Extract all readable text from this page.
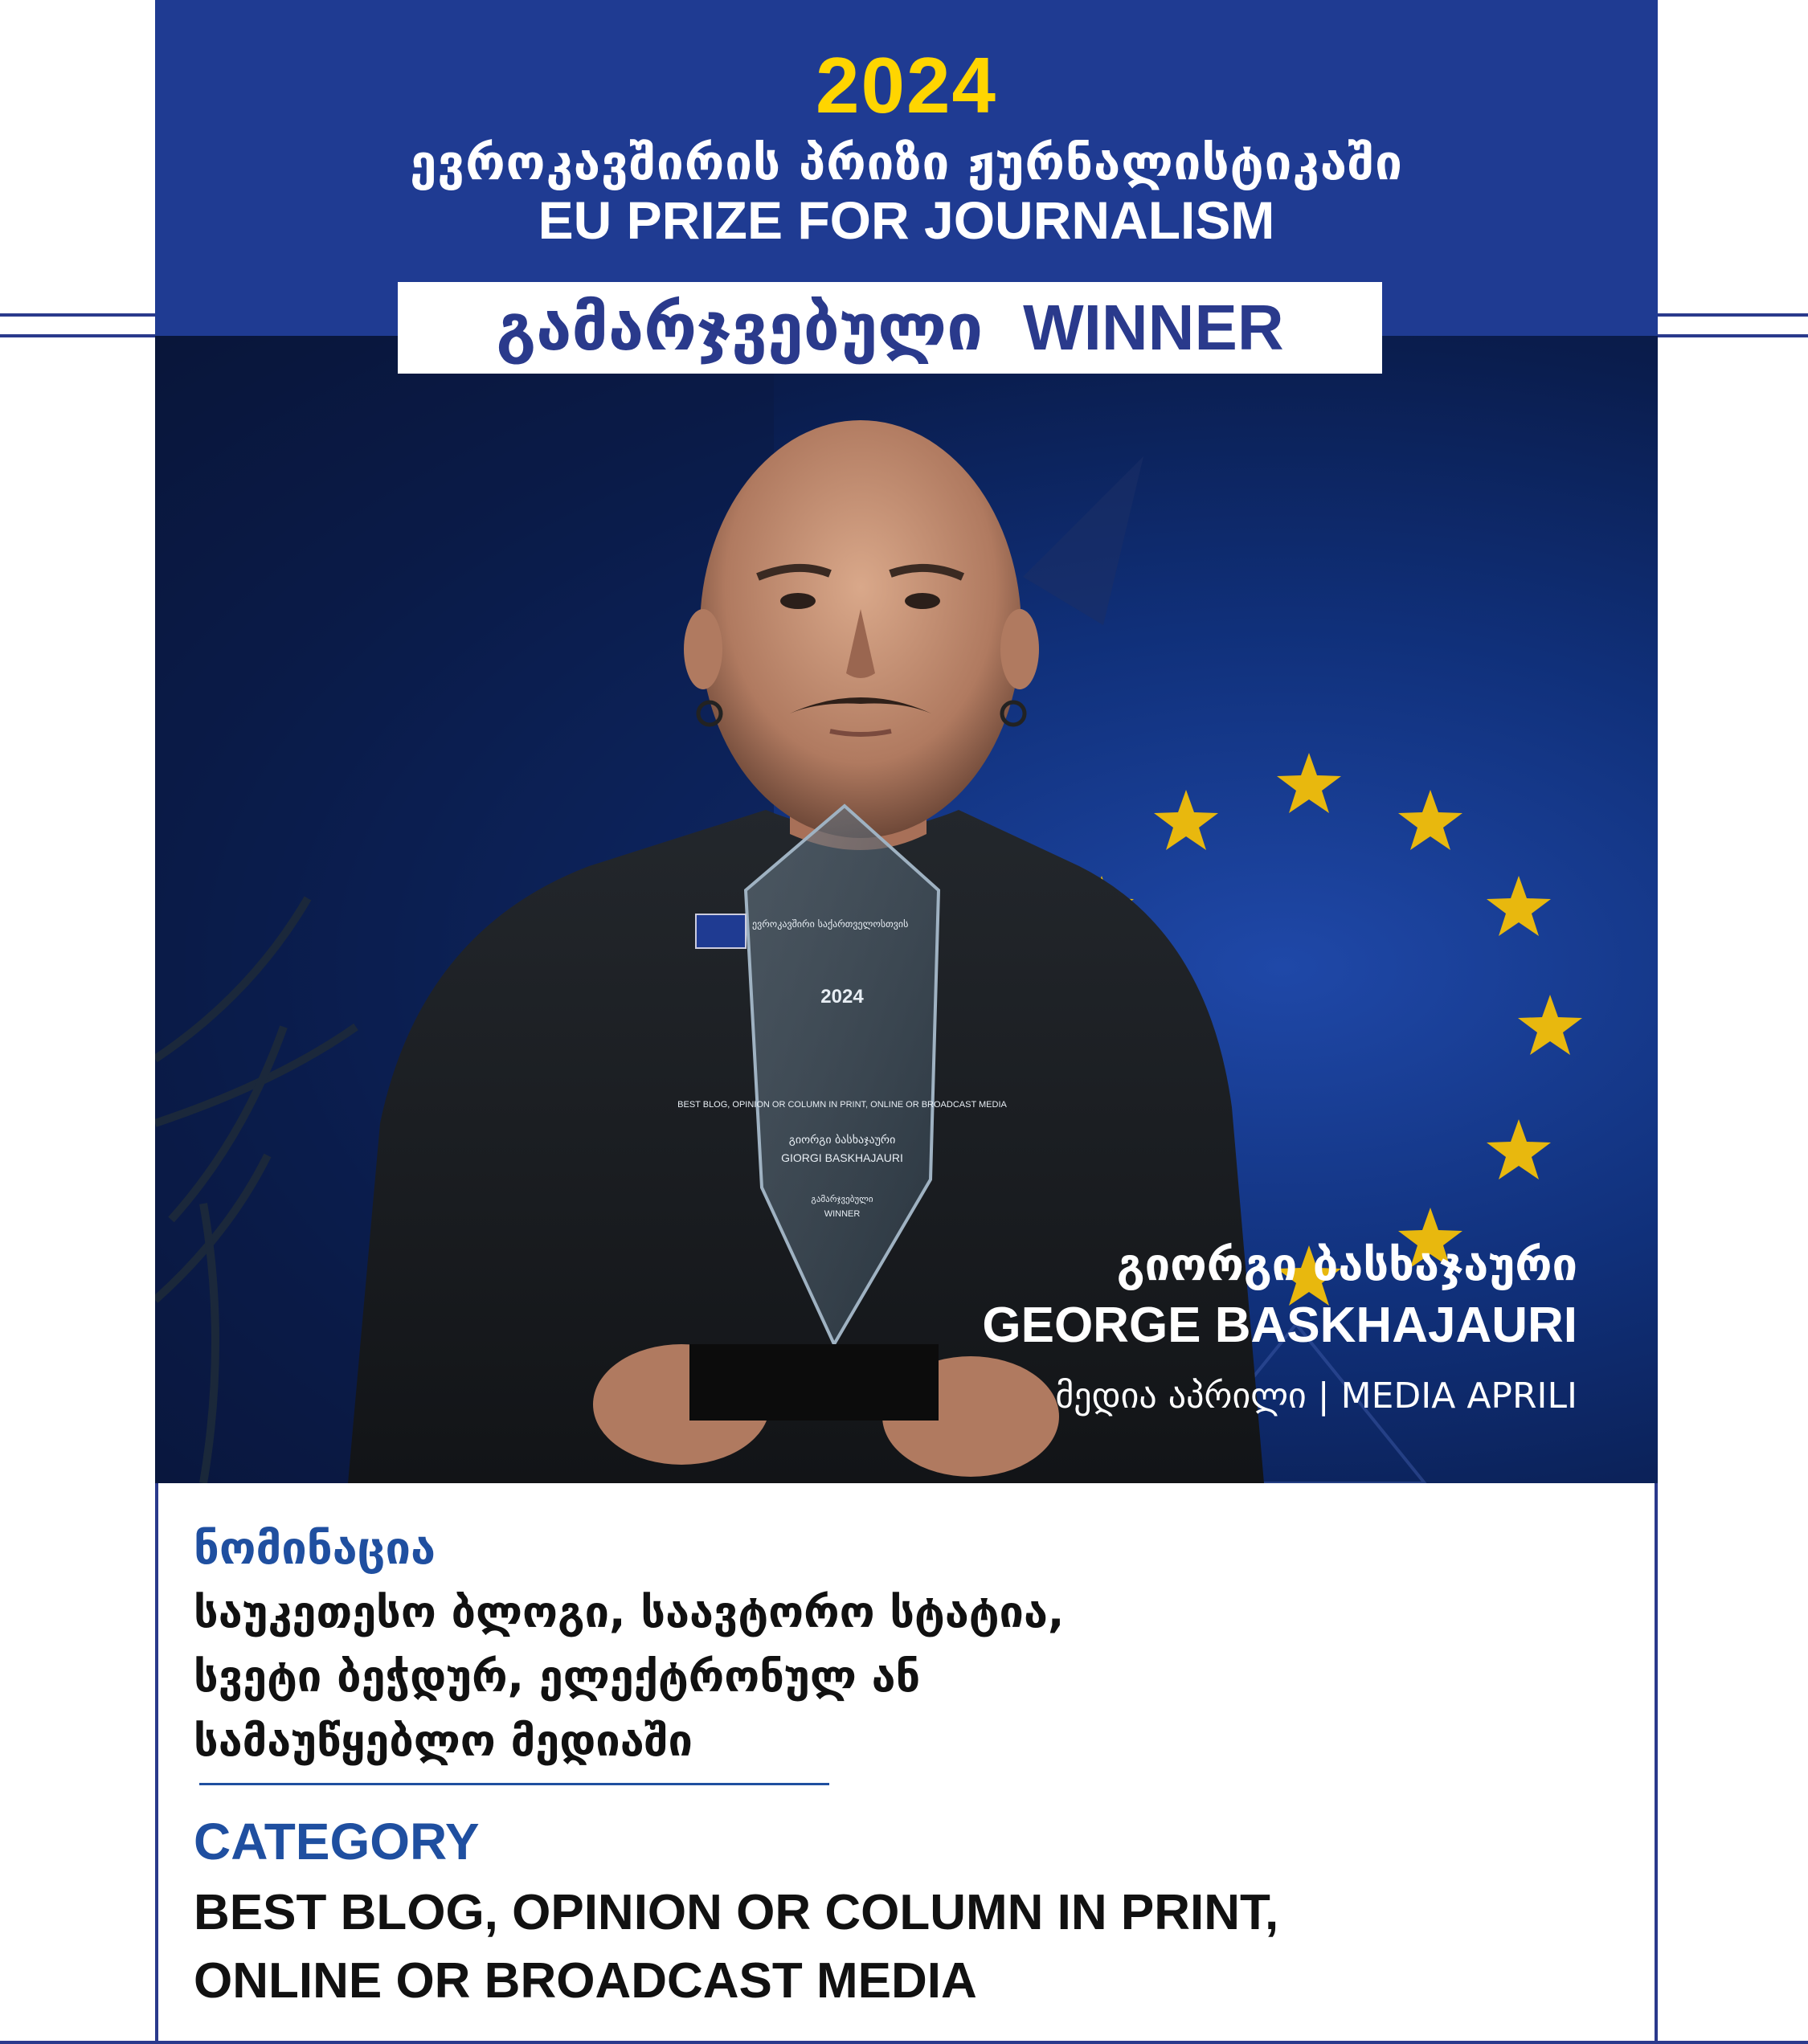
2024
ევროკავშირის პრიზი ჟურნალისტიკაში
EU PRIZE FOR JOURNALISM
ევროკავშირი საქართველოსთვის
2024
BEST BLOG, OPINION OR COLUMN IN PRINT, ONLINE OR BROADCAST MEDIA
გიორგი ბასხაჯაური
GIORGI BASKHAJAURI
გამარჯვებული
WINNER
გამარჯვებული WINNER
გიორგი ბასხაჯაური
GEORGE BASKHAJAURI
მედია აპრილი | MEDIA APRILI
ნომინაცია
საუკეთესო ბლოგი, საავტორო სტატია,
სვეტი ბეჭდურ, ელექტრონულ ან
სამაუწყებლო მედიაში
CATEGORY
BEST BLOG, OPINION OR COLUMN IN PRINT,
ONLINE OR BROADCAST MEDIA
